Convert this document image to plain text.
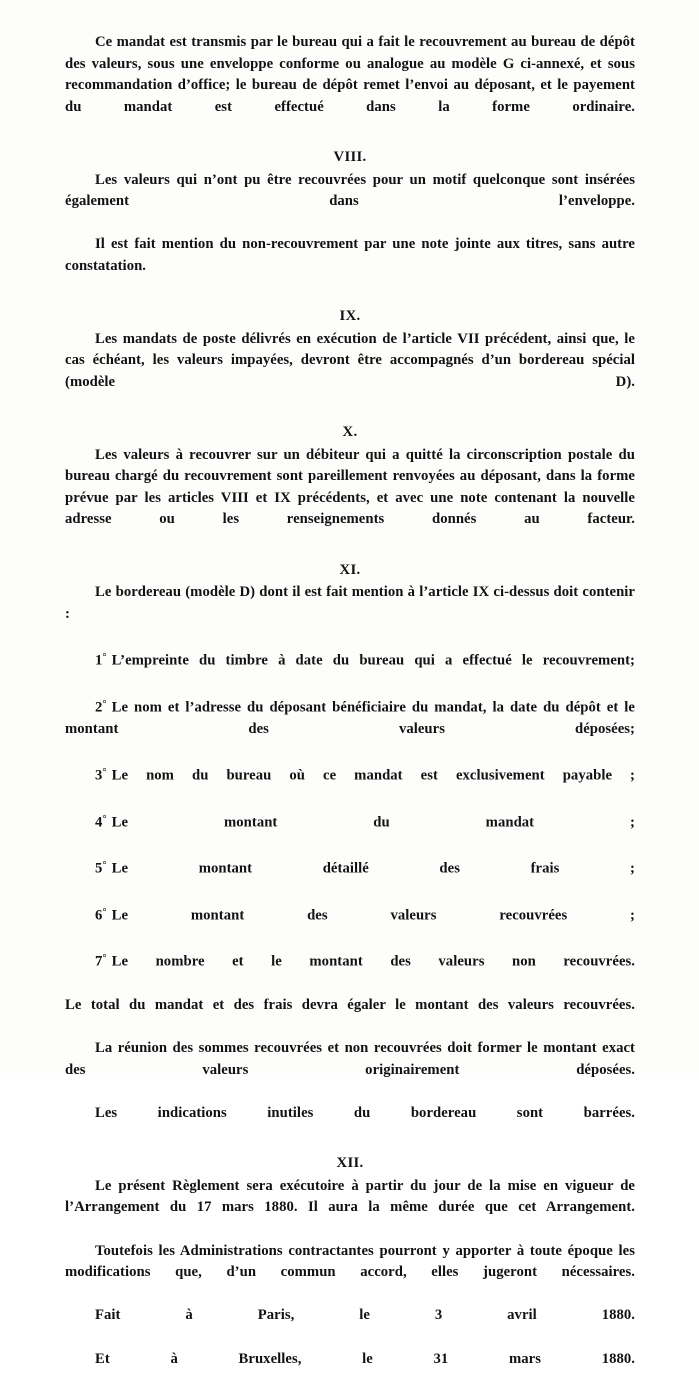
Ce mandat est transmis par le bureau qui a fait le recouvrement au bureau de dépôt des valeurs, sous une enveloppe conforme ou analogue au modèle G ci-annexé, et sous recommandation d’office; le bureau de dépôt remet l’envoi au déposant, et le payement du mandat est effectué dans la forme ordinaire.

VIII.

Les valeurs qui n’ont pu être recouvrées pour un motif quelconque sont insérées également dans l’enveloppe.

Il est fait mention du non-recouvrement par une note jointe aux titres, sans autre constatation.

IX.

Les mandats de poste délivrés en exécution de l’article VII précédent, ainsi que, le cas échéant, les valeurs impayées, devront être accompagnés d’un bordereau spécial (modèle D).

X.

Les valeurs à recouvrer sur un débiteur qui a quitté la circonscription postale du bureau chargé du recouvrement sont pareillement renvoyées au déposant, dans la forme prévue par les articles VIII et IX précédents, et avec une note contenant la nouvelle adresse ou les renseignements donnés au facteur.

XI.

Le bordereau (modèle D) dont il est fait mention à l’article IX ci-dessus doit contenir :

1° L’empreinte du timbre à date du bureau qui a effectué le recouvrement;

2° Le nom et l’adresse du déposant bénéficiaire du mandat, la date du dépôt et le montant des valeurs déposées;

3° Le nom du bureau où ce mandat est exclusivement payable ;

4° Le montant du mandat ;

5° Le montant détaillé des frais ;

6° Le montant des valeurs recouvrées ;

7° Le nombre et le montant des valeurs non recouvrées.

Le total du mandat et des frais devra égaler le montant des valeurs recouvrées.

La réunion des sommes recouvrées et non recouvrées doit former le montant exact des valeurs originairement déposées.

Les indications inutiles du bordereau sont barrées.

XII.

Le présent Règlement sera exécutoire à partir du jour de la mise en vigueur de l’Arrangement du 17 mars 1880. Il aura la même durée que cet Arrangement.

Toutefois les Administrations contractantes pourront y apporter à toute époque les modifications que, d’un commun accord, elles jugeront nécessaires.

Fait à Paris, le 3 avril 1880.

Et à Bruxelles, le 31 mars 1880.
